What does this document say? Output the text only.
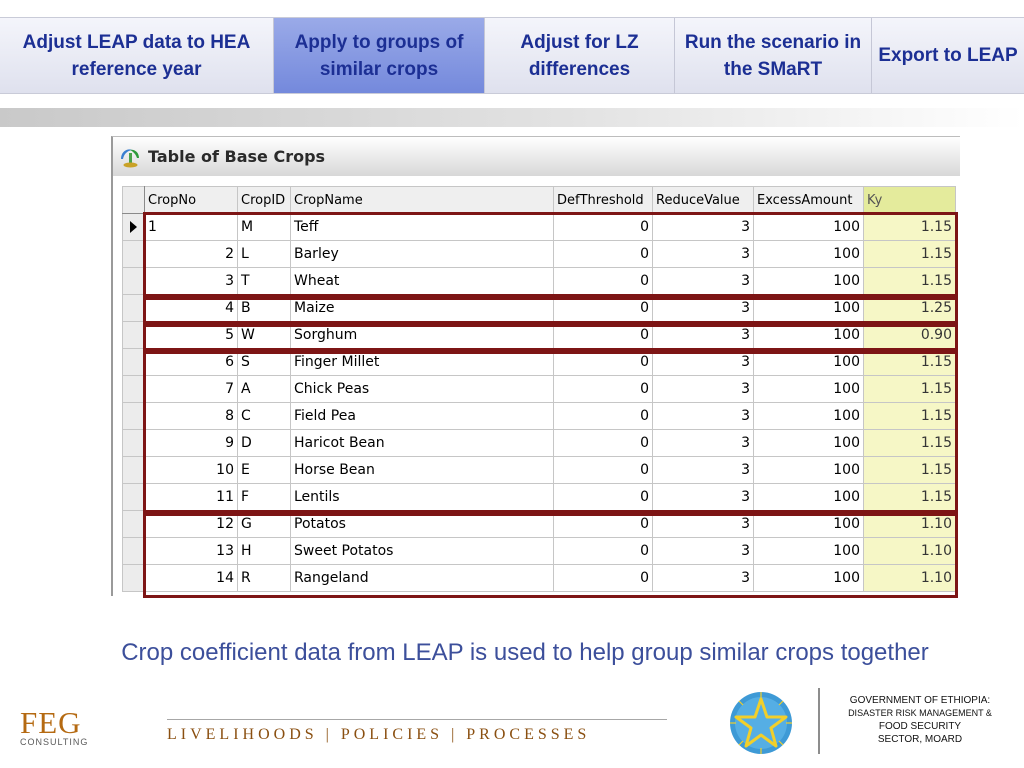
Adjust LEAP data to HEA reference year
Apply to groups of similar crops
Adjust for LZ differences
Run the scenario in the SMaRT
Export to LEAP
Table of Base Crops
	CropNo	CropID	CropName	DefThreshold	ReduceValue	ExcessAmount	Ky

	1	M	Teff	0	3	100	1.15
	2	L	Barley	0	3	100	1.15
	3	T	Wheat	0	3	100	1.15
	4	B	Maize	0	3	100	1.25
	5	W	Sorghum	0	3	100	0.90
	6	S	Finger Millet	0	3	100	1.15
	7	A	Chick Peas	0	3	100	1.15
	8	C	Field Pea	0	3	100	1.15
	9	D	Haricot Bean	0	3	100	1.15
	10	E	Horse Bean	0	3	100	1.15
	11	F	Lentils	0	3	100	1.15
	12	G	Potatos	0	3	100	1.10
	13	H	Sweet Potatos	0	3	100	1.10
	14	R	Rangeland	0	3	100	1.10
Crop coefficient data from LEAP is used to help group similar crops together
FEG
CONSULTING	LIVELIHOODS | POLICIES | PROCESSES
GOVERNMENT OF ETHIOPIA:
DISASTER RISK MANAGEMENT &
FOOD SECURITY
SECTOR, MOARD
